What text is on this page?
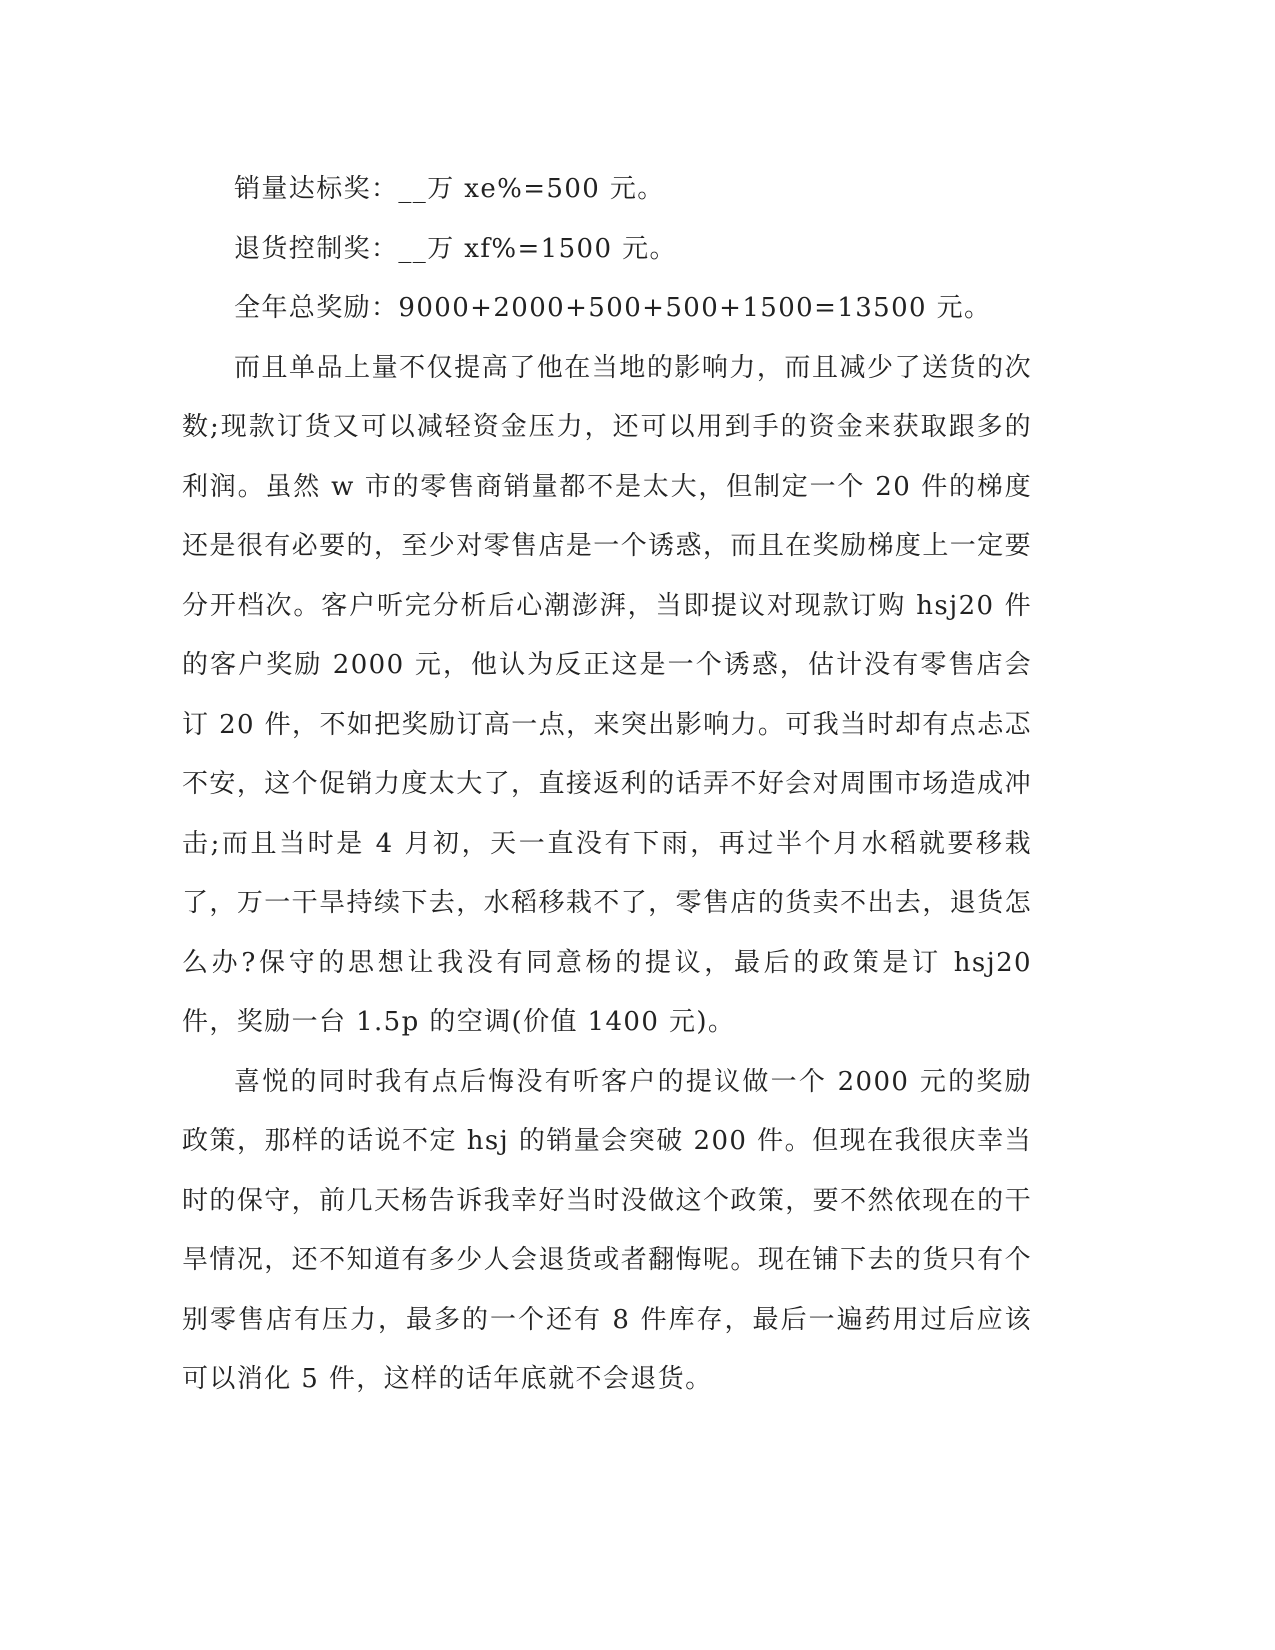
销量达标奖：__万 xe%=500 元。

退货控制奖：__万 xf%=1500 元。

全年总奖励：9000+2000+500+500+1500=13500 元。

而且单品上量不仅提高了他在当地的影响力，而且减少了送货的次数;现款订货又可以减轻资金压力，还可以用到手的资金来获取跟多的利润。虽然 w 市的零售商销量都不是太大，但制定一个 20 件的梯度还是很有必要的，至少对零售店是一个诱惑，而且在奖励梯度上一定要分开档次。客户听完分析后心潮澎湃，当即提议对现款订购 hsj20 件的客户奖励 2000 元，他认为反正这是一个诱惑，估计没有零售店会订 20 件，不如把奖励订高一点，来突出影响力。可我当时却有点忐忑不安，这个促销力度太大了，直接返利的话弄不好会对周围市场造成冲击;而且当时是 4 月初，天一直没有下雨，再过半个月水稻就要移栽了，万一干旱持续下去，水稻移栽不了，零售店的货卖不出去，退货怎么办?保守的思想让我没有同意杨的提议，最后的政策是订 hsj20 件，奖励一台 1.5p 的空调(价值 1400 元)。

喜悦的同时我有点后悔没有听客户的提议做一个 2000 元的奖励政策，那样的话说不定 hsj 的销量会突破 200 件。但现在我很庆幸当时的保守，前几天杨告诉我幸好当时没做这个政策，要不然依现在的干旱情况，还不知道有多少人会退货或者翻悔呢。现在铺下去的货只有个别零售店有压力，最多的一个还有 8 件库存，最后一遍药用过后应该可以消化 5 件，这样的话年底就不会退货。
